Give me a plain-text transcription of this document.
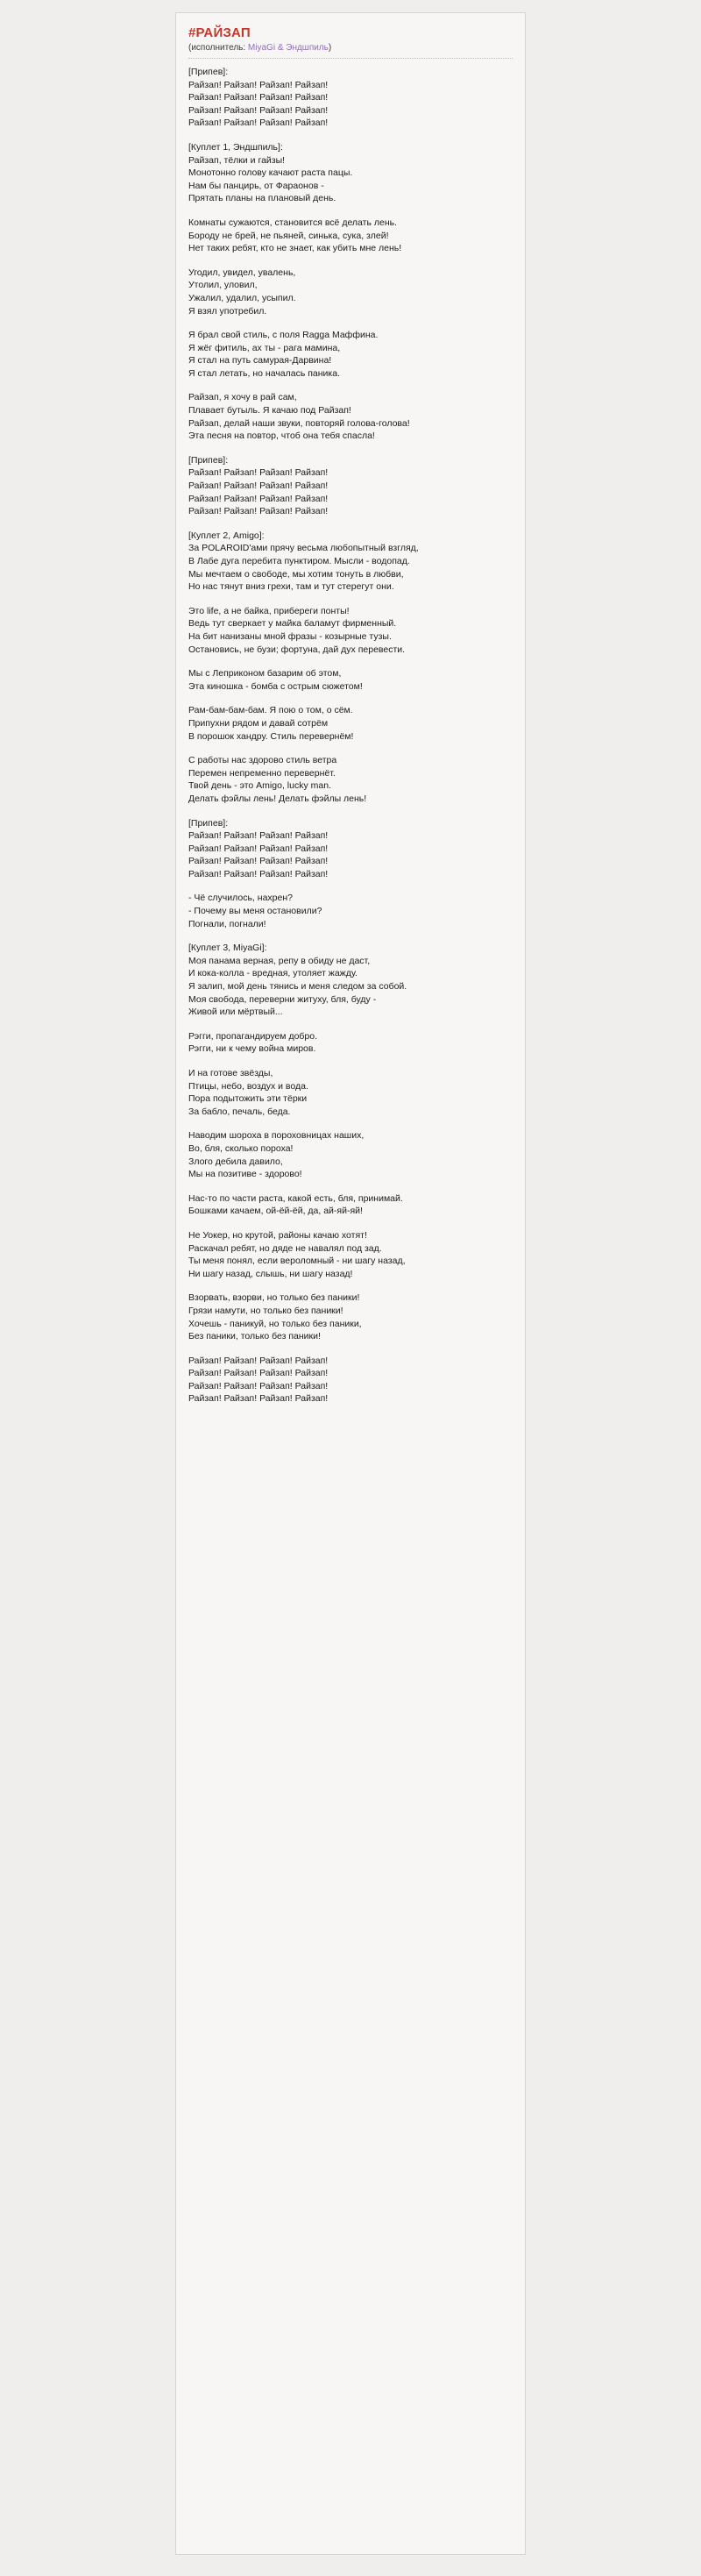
#РАЙЗАП
(исполнитель: MiyaGi & Эндшпиль)
[Припев]:
Райзап! Райзап! Райзап! Райзап!
Райзап! Райзап! Райзап! Райзап!
Райзап! Райзап! Райзап! Райзап!
Райзап! Райзап! Райзап! Райзап!
[Куплет 1, Эндшпиль]:
Райзап, тёлки и гайзы!
Монотонно голову качают раста пацы.
Нам бы панцирь, от Фараонов -
Прятать планы на плановый день.
Комнаты сужаются, становится всё делать лень.
Бороду не брей, не пьяней, синька, сука, злей!
Нет таких ребят, кто не знает, как убить мне лень!
Угодил, увидел, увалень,
Утолил, уловил,
Ужалил, удалил, усыпил.
Я взял употребил.
Я брал свой стиль, с поля Ragga Маффина.
Я жёг фитиль, ах ты - рага мамина,
Я стал на путь самурая-Дарвина!
Я стал летать, но началась паника.
Райзап, я хочу в рай сам,
Плавает бутыль. Я качаю под Райзап!
Райзап, делай наши звуки, повторяй голова-голова!
Эта песня на повтор, чтоб она тебя спасла!
[Припев]:
Райзап! Райзап! Райзап! Райзап!
Райзап! Райзап! Райзап! Райзап!
Райзап! Райзап! Райзап! Райзап!
Райзап! Райзап! Райзап! Райзап!
[Куплет 2, Amigo]:
За POLAROID'ами прячу весьма любопытный взгляд,
В Лабе дуга перебита пунктиром. Мысли - водопад.
Мы мечтаем о свободе, мы хотим тонуть в любви,
Но нас тянут вниз грехи, там и тут стерегут они.
Это life, а не байка, прибереги понты!
Ведь тут сверкает у майка баламут фирменный.
На бит нанизаны мной фразы - козырные тузы.
Остановись, не бузи; фортуна, дай дух перевести.
Мы с Леприконом базарим об этом,
Эта киношка - бомба с острым сюжетом!
Рам-бам-бам-бам. Я пою о том, о сём.
Припухни рядом и давай сотрём
В порошок хандру. Стиль перевернём!
С работы нас здорово стиль ветра
Перемен непременно перевернёт.
Твой день - это Amigo, lucky man.
Делать фэйлы лень! Делать фэйлы лень!
[Припев]:
Райзап! Райзап! Райзап! Райзап!
Райзап! Райзап! Райзап! Райзап!
Райзап! Райзап! Райзап! Райзап!
Райзап! Райзап! Райзап! Райзап!
- Чё случилось, нахрен?
- Почему вы меня остановили?
Погнали, погнали!
[Куплет 3, MiyaGi]:
Моя панама верная, репу в обиду не даст,
И кока-колла - вредная, утоляет жажду.
Я залип, мой день тянись и меня следом за собой.
Моя свобода, переверни житуху, бля, буду -
Живой или мёртвый...
Рэгги, пропагандируем добро.
Рэгги, ни к чему война миров.
И на готове звёзды,
Птицы, небо, воздух и вода.
Пора подытожить эти тёрки
За бабло, печаль, беда.
Наводим шороха в пороховницах наших,
Во, бля, сколько пороха!
Злого дебила давило,
Мы на позитиве - здорово!
Нас-то по части раста, какой есть, бля, принимай.
Бошками качаем, ой-ёй-ёй, да, ай-яй-яй!
Не Уокер, но крутой, районы качаю хотят!
Раскачал ребят, но дяде не навалял под зад.
Ты меня понял, если вероломный - ни шагу назад,
Ни шагу назад, слышь, ни шагу назад!
Взорвать, взорви, но только без паники!
Грязи намути, но только без паники!
Хочешь - паникуй, но только без паники,
Без паники, только без паники!
Райзап! Райзап! Райзап! Райзап!
Райзап! Райзап! Райзап! Райзап!
Райзап! Райзап! Райзап! Райзап!
Райзап! Райзап! Райзап! Райзап!
